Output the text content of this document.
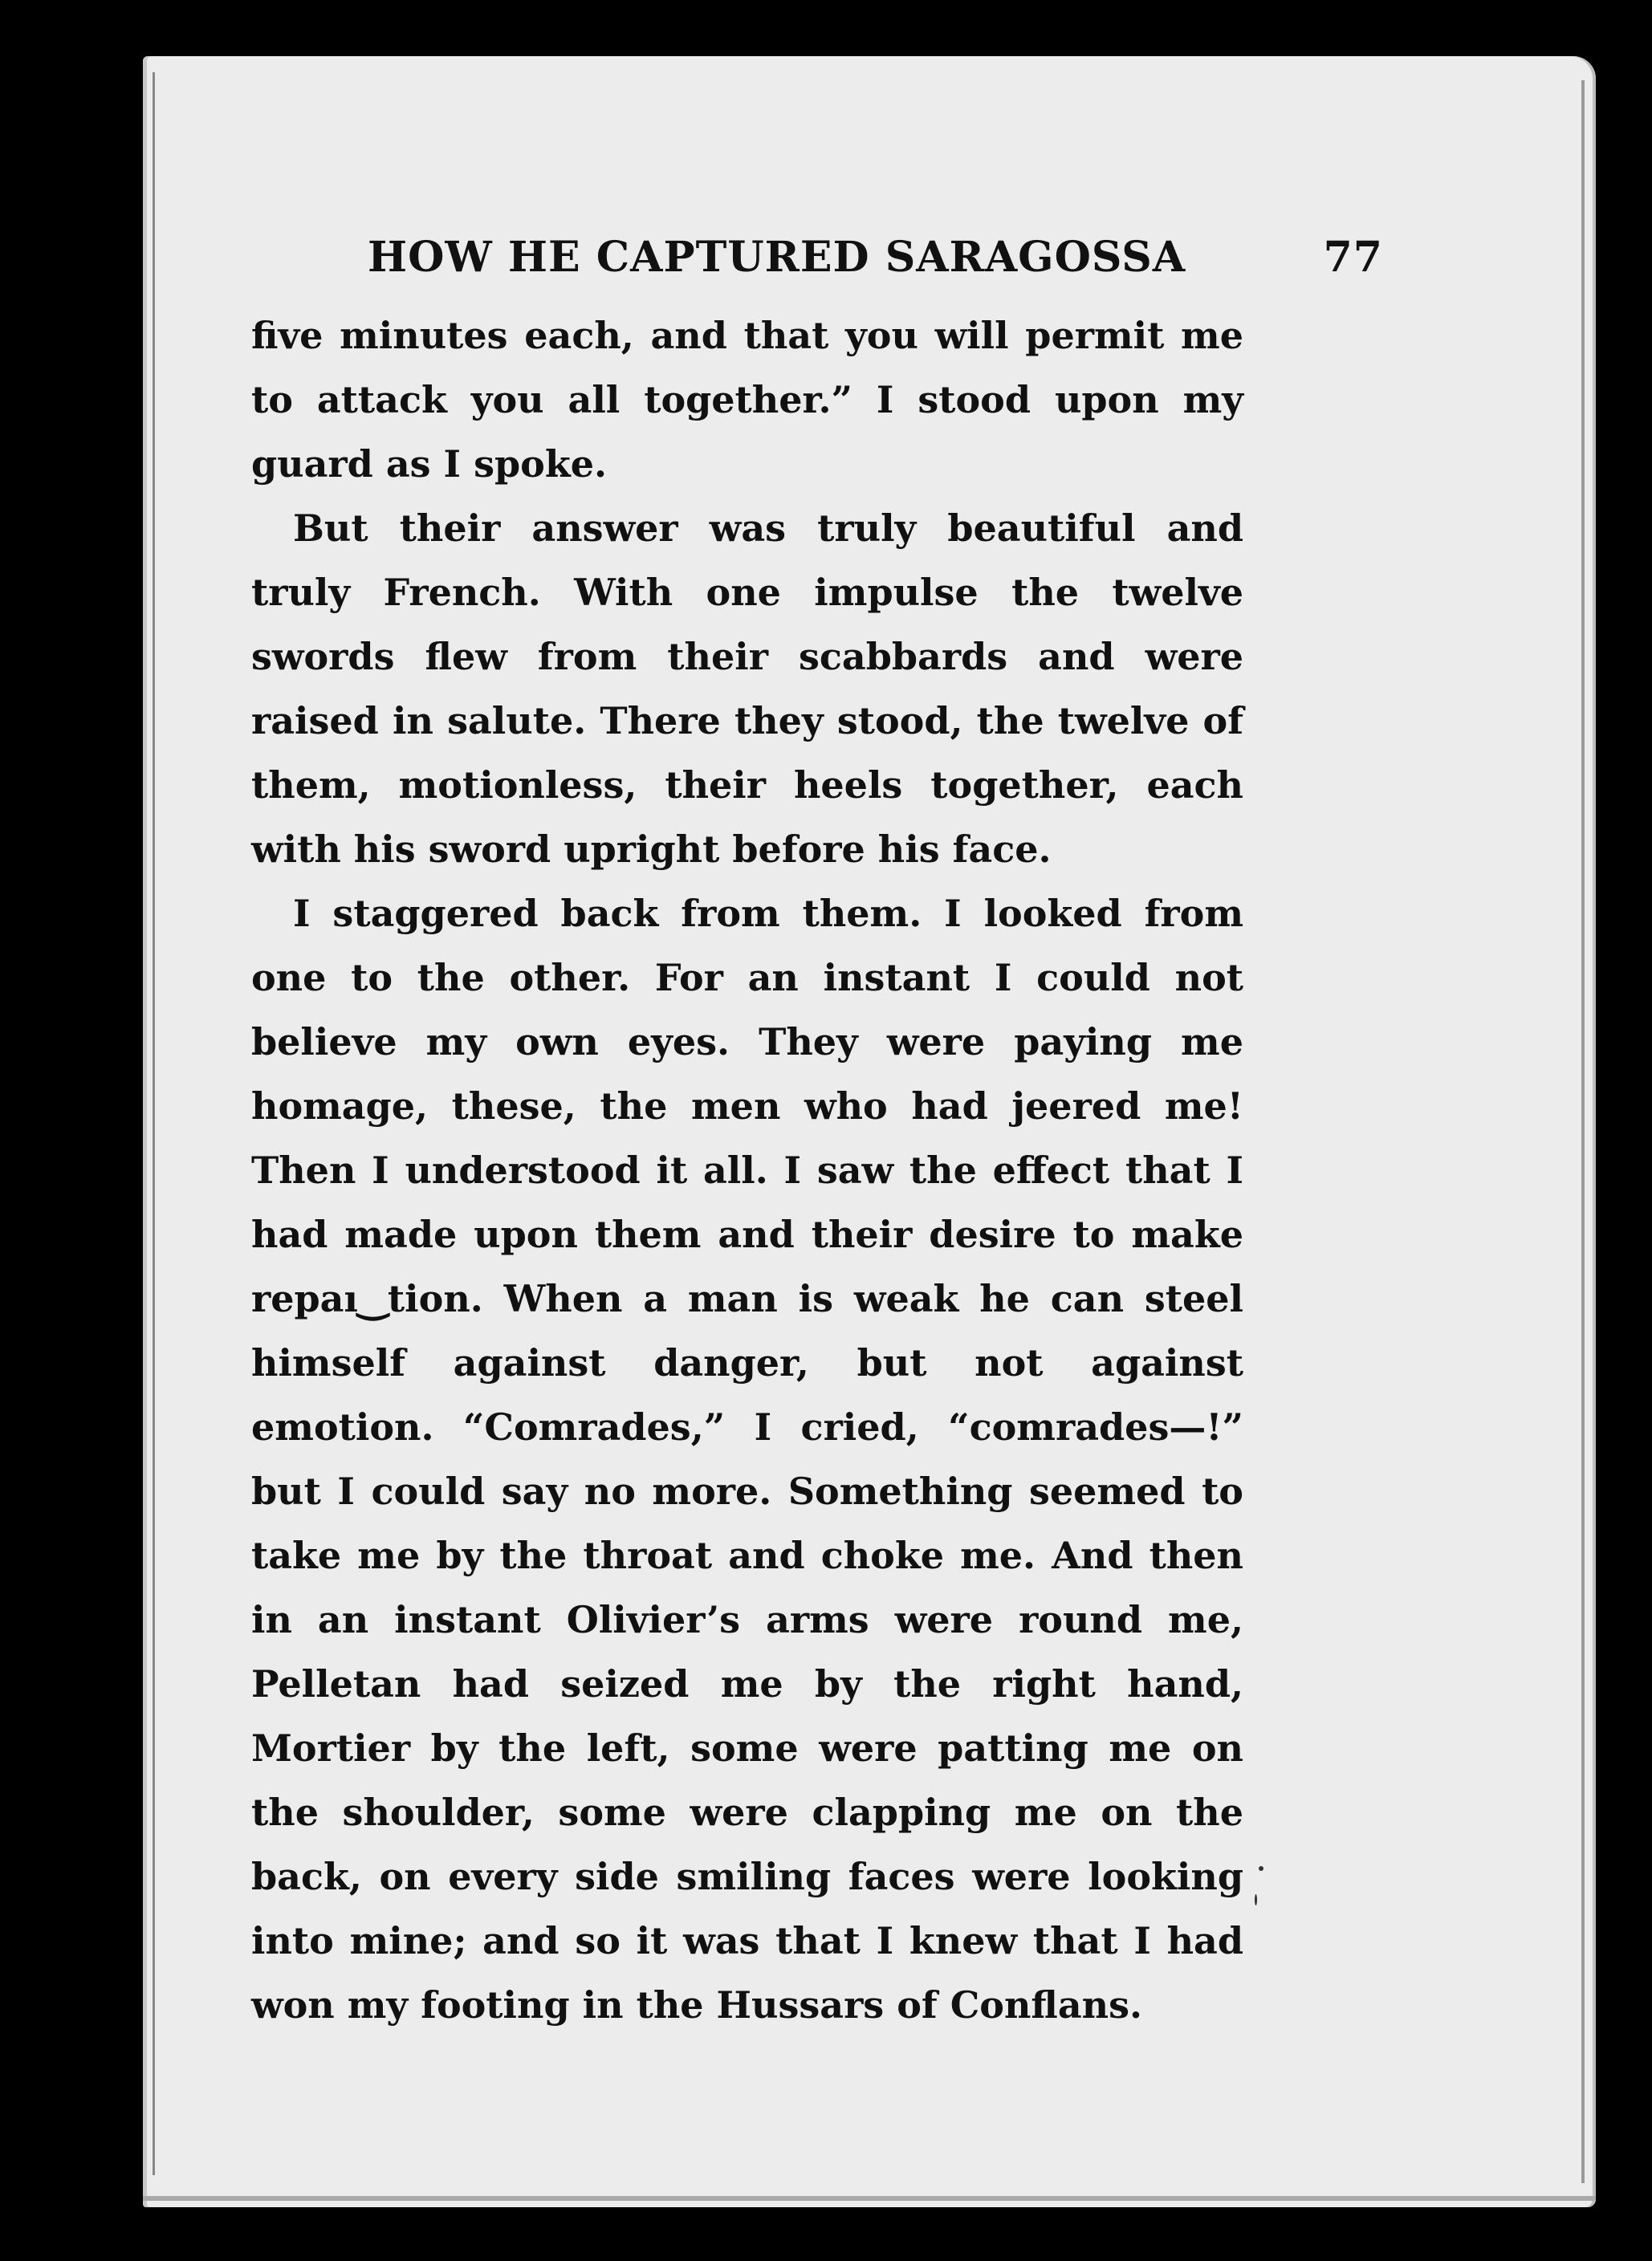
HOW HE CAPTURED SARAGOSSA	77

five minutes each, and that you will permit me to attack you all together.” I stood upon my guard as I spoke.

But their answer was truly beautiful and truly French. With one impulse the twelve swords flew from their scabbards and were raised in salute. There they stood, the twelve of them, motionless, their heels together, each with his sword upright before his face.

I staggered back from them. I looked from one to the other. For an instant I could not believe my own eyes. They were paying me homage, these, the men who had jeered me! Then I understood it all. I saw the effect that I had made upon them and their desire to make repaı‿tion. When a man is weak he can steel himself against danger, but not against emotion. “Comrades,” I cried, “comrades—!” but I could say no more. Something seemed to take me by the throat and choke me. And then in an instant Olivier’s arms were round me, Pelletan had seized me by the right hand, Mortier by the left, some were patting me on the shoulder, some were clapping me on the back, on every side smiling faces were looking into mine; and so it was that I knew that I had won my footing in the Hussars of Conflans.
